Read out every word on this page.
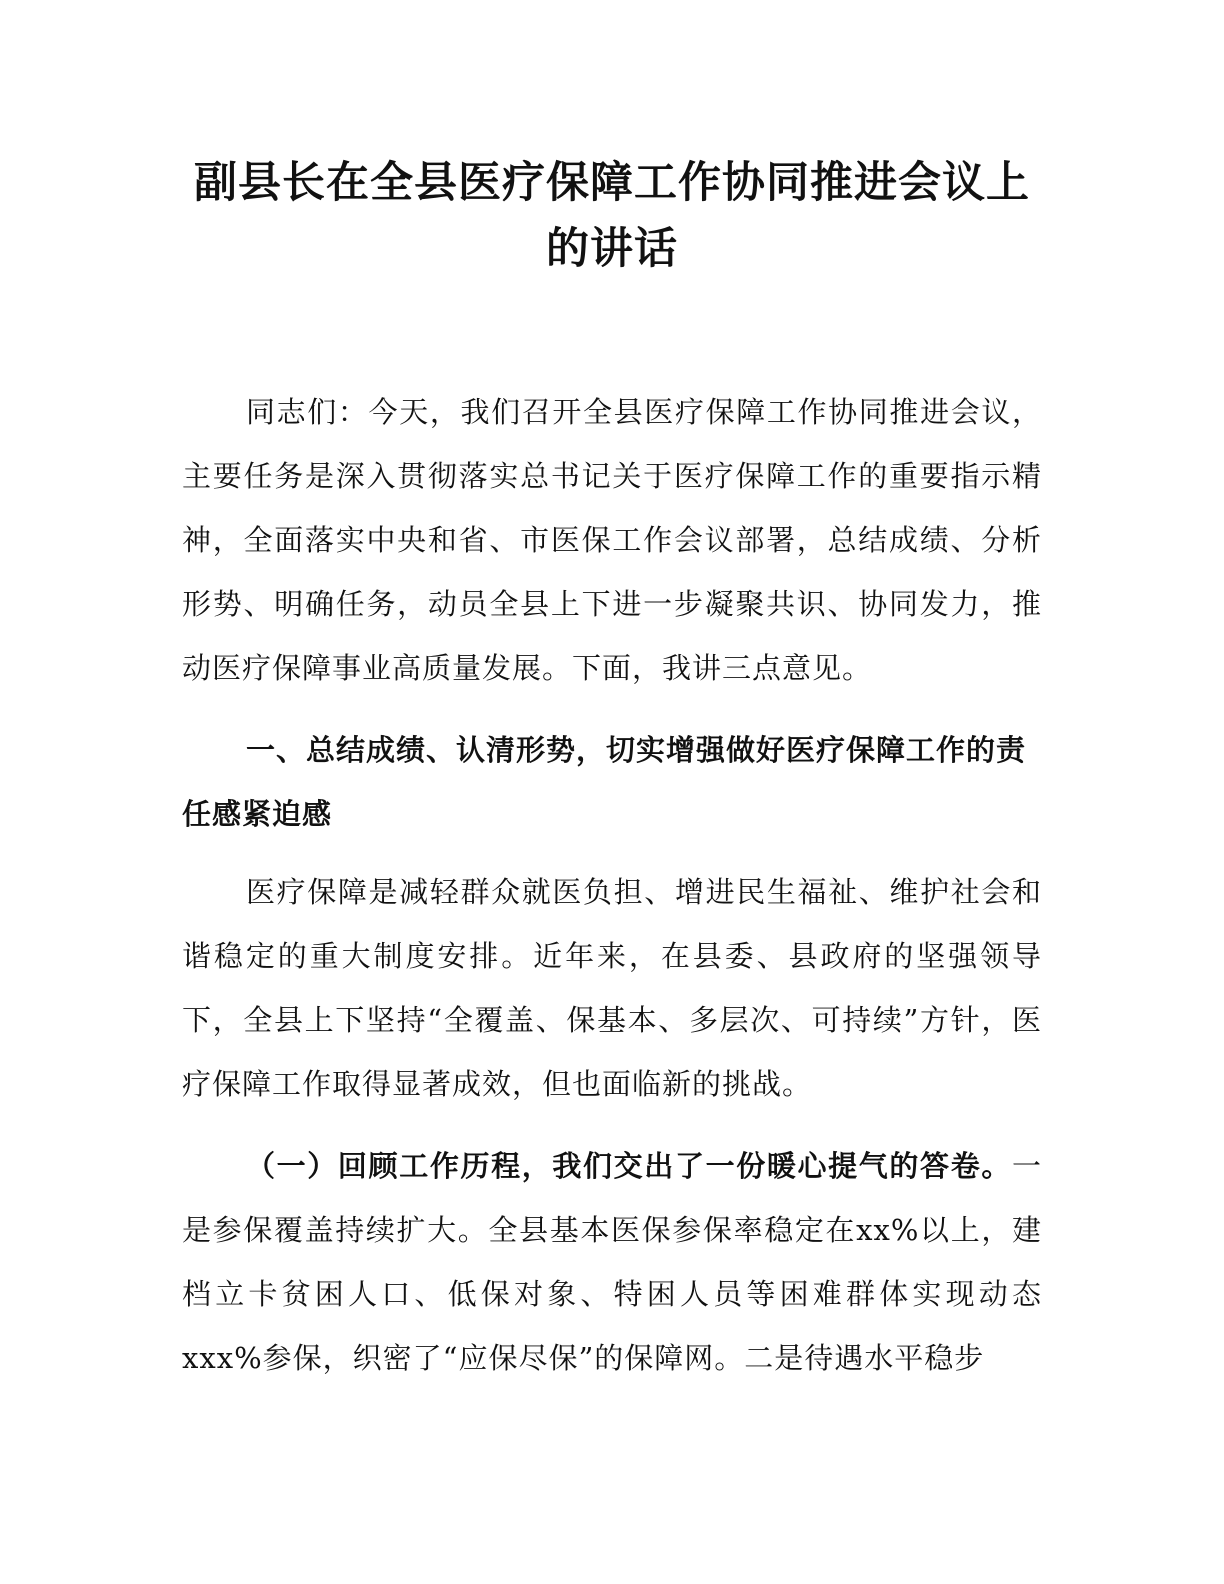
副县长在全县医疗保障工作协同推进会议上
的讲话

同志们：今天，我们召开全县医疗保障工作协同推进会议，主要任务是深入贯彻落实总书记关于医疗保障工作的重要指示精神，全面落实中央和省、市医保工作会议部署，总结成绩、分析形势、明确任务，动员全县上下进一步凝聚共识、协同发力，推动医疗保障事业高质量发展。下面，我讲三点意见。

一、总结成绩、认清形势，切实增强做好医疗保障工作的责任感紧迫感

医疗保障是减轻群众就医负担、增进民生福祉、维护社会和谐稳定的重大制度安排。近年来，在县委、县政府的坚强领导下，全县上下坚持“全覆盖、保基本、多层次、可持续”方针，医疗保障工作取得显著成效，但也面临新的挑战。

（一）回顾工作历程，我们交出了一份暖心提气的答卷。一是参保覆盖持续扩大。全县基本医保参保率稳定在xx%以上，建档立卡贫困人口、低保对象、特困人员等困难群体实现动态xxx%参保，织密了“应保尽保”的保障网。二是待遇水平稳步
